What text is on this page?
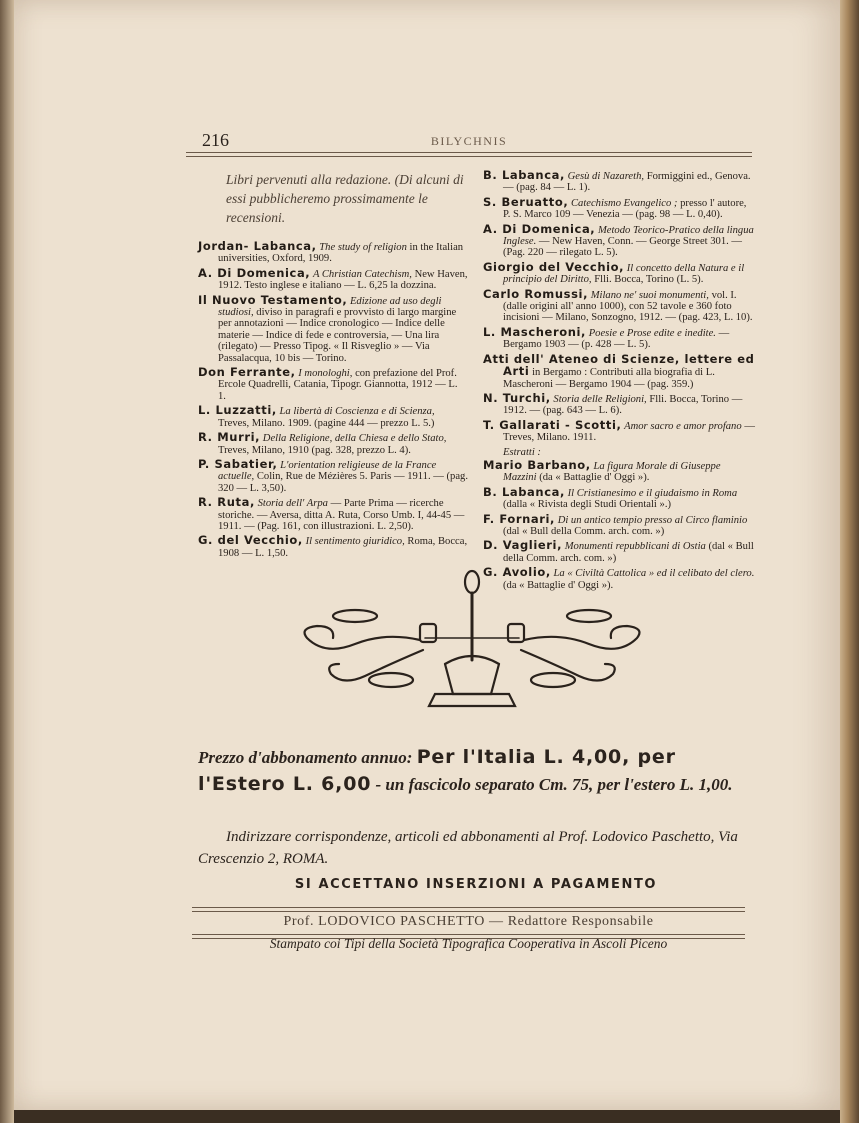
216	BILYCHNIS

Libri pervenuti alla redazione. (Di alcuni di essi pubblicheremo prossimamente le recensioni.

Jordan- Labanca, The study of religion in the Italian universities, Oxford, 1909.
A. Di Domenica, A Christian Catechism, New Haven, 1912. Testo inglese e italiano — L. 6,25 la dozzina.
Il Nuovo Testamento, Edizione ad uso degli studiosi, diviso in paragrafi e provvisto di largo margine per annotazioni — Indice cronologico — Indice delle materie — Indice di fede e controversia, — Una lira (rilegato) — Presso Tipog. « Il Risveglio » — Via Passalacqua, 10 bis — Torino.
Don Ferrante, I monologhi, con prefazione del Prof. Ercole Quadrelli, Catania, Tipogr. Giannotta, 1912 — L. 1.
L. Luzzatti, La libertà di Coscienza e di Scienza, Treves, Milano. 1909. (pagine 444 — prezzo L. 5.)
R. Murri, Della Religione, della Chiesa e dello Stato, Treves, Milano, 1910 (pag. 328, prezzo L. 4).
P. Sabatier, L'orientation religieuse de la France actuelle, Colin, Rue de Mézières 5. Paris — 1911. — (pag. 320 — L. 3,50).
R. Ruta, Storia dell' Arpa — Parte Prima — ricerche storiche. — Aversa, ditta A. Ruta, Corso Umb. I, 44-45 — 1911. — (Pag. 161, con illustrazioni. L. 2,50).
G. del Vecchio, Il sentimento giuridico, Roma, Bocca, 1908 — L. 1,50.
B. Labanca, Gesù di Nazareth, Formiggini ed., Genova. — (pag. 84 — L. 1).
S. Beruatto, Catechismo Evangelico ; presso l' autore, P. S. Marco 109 — Venezia — (pag. 98 — L. 0,40).
A. Di Domenica, Metodo Teorico-Pratico della lingua Inglese. — New Haven, Conn. — George Street 301. — (Pag. 220 — rilegato L. 5).
Giorgio del Vecchio, Il concetto della Natura e il principio del Diritto, Flli. Bocca, Torino (L. 5).
Carlo Romussi, Milano ne' suoi monumenti, vol. I. (dalle origini all' anno 1000), con 52 tavole e 360 foto incisioni — Milano, Sonzogno, 1912. — (pag. 423, L. 10).
L. Mascheroni, Poesie e Prose edite e inedite. — Bergamo 1903 — (p. 428 — L. 5).
Atti dell' Ateneo di Scienze, lettere ed Arti in Bergamo : Contributi alla biografia di L. Mascheroni — Bergamo 1904 — (pag. 359.)
N. Turchi, Storia delle Religioni, Flli. Bocca, Torino — 1912. — (pag. 643 — L. 6).
T. Gallarati - Scotti, Amor sacro e amor profano — Treves, Milano. 1911.
Estratti :
Mario Barbano, La figura Morale di Giuseppe Mazzini (da « Battaglie d' Oggi »).
B. Labanca, Il Cristianesimo e il giudaismo in Roma (dalla « Rivista degli Studi Orientali ».)
F. Fornari, Di un antico tempio presso al Circo flaminio (dal « Bull della Comm. arch. com. »)
D. Vaglieri, Monumenti repubblicani di Ostia (dal « Bull della Comm. arch. com. »)
G. Avolio, La « Civiltà Cattolica » ed il celibato del clero. (da « Battaglie d' Oggi »).
Prezzo d'abbonamento annuo: Per l'Italia L. 4,00, per l'Estero L. 6,00 - un fascicolo separato Cm. 75, per l'estero L. 1,00.
Indirizzare corrispondenze, articoli ed abbonamenti al Prof. Lodovico Paschetto, Via Crescenzio 2, ROMA.
SI ACCETTANO INSERZIONI A PAGAMENTO
Prof. LODOVICO PASCHETTO — Redattore Responsabile
Stampato coi Tipi della Società Tipografica Cooperativa in Ascoli Piceno
